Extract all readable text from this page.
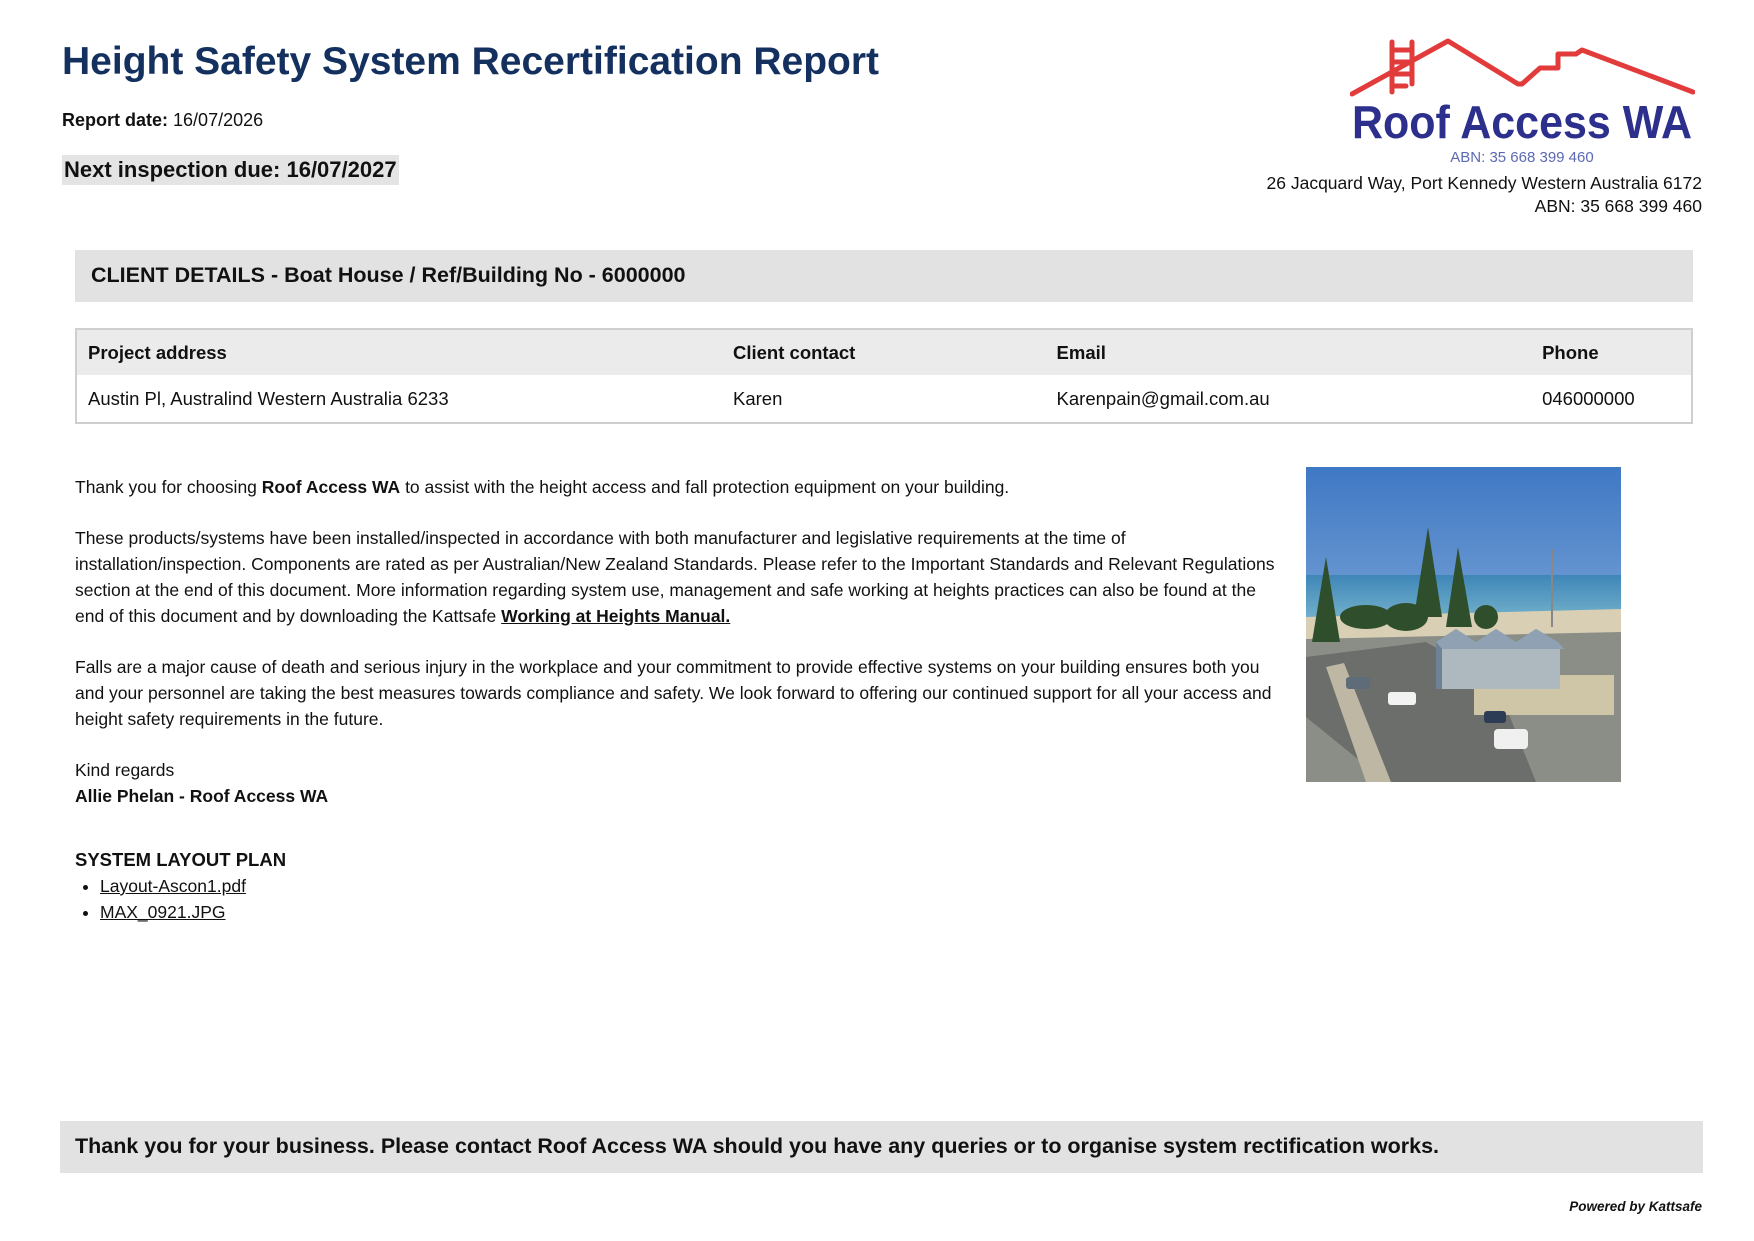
Height Safety System Recertification Report
Report date: 16/07/2026
Next inspection due: 16/07/2027
Roof Access WA
ABN: 35 668 399 460
26 Jacquard Way, Port Kennedy Western Australia 6172
ABN: 35 668 399 460
CLIENT DETAILS - Boat House / Ref/Building No - 6000000
Project address	Client contact	Email	Phone
Austin Pl, Australind Western Australia 6233	Karen	Karenpain@gmail.com.au	046000000

Thank you for choosing Roof Access WA to assist with the height access and fall protection equipment on your building.

These products/systems have been installed/inspected in accordance with both manufacturer and legislative requirements at the time of installation/inspection. Components are rated as per Australian/New Zealand Standards. Please refer to the Important Standards and Relevant Regulations section at the end of this document. More information regarding system use, management and safe working at heights practices can also be found at the end of this document and by downloading the Kattsafe Working at Heights Manual.

Falls are a major cause of death and serious injury in the workplace and your commitment to provide effective systems on your building ensures both you and your personnel are taking the best measures towards compliance and safety. We look forward to offering our continued support for all your access and height safety requirements in the future.

Kind regards

Allie Phelan - Roof Access WA

SYSTEM LAYOUT PLAN
• Layout-Ascon1.pdf
• MAX_0921.JPG
Thank you for your business. Please contact Roof Access WA should you have any queries or to organise system rectification works.
Powered by Kattsafe
